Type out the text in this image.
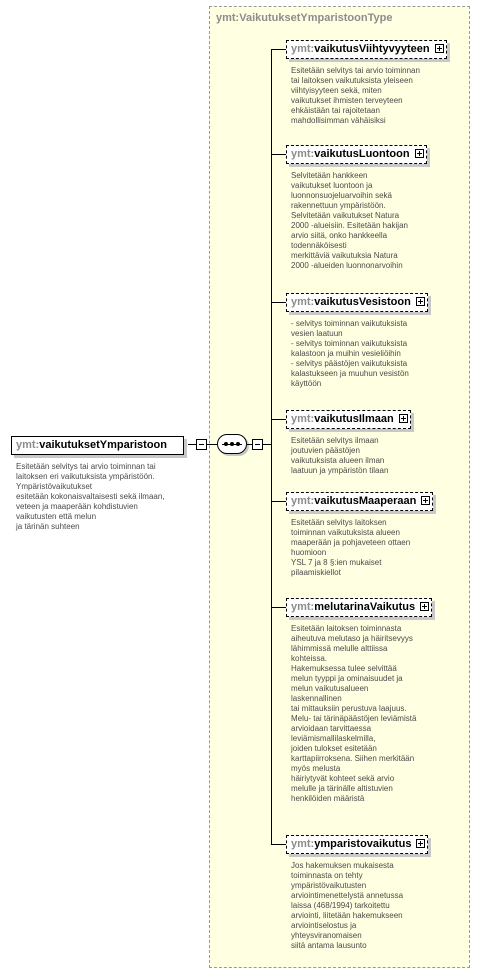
ymt:VaikutuksetYmparistoonType
ymt:vaikutuksetYmparistoon
Esitetään selvitys tai arvio toiminnan tai
laitoksen eri vaikutuksista ympäristöön.
Ympäristövaikutukset
esitetään kokonaisvaltaisesti sekä ilmaan,
veteen ja maaperään kohdistuvien
vaikutusten että melun
ja tärinän suhteen
ymt:vaikutusViihtyvyyteen
Esitetään selvitys tai arvio toiminnan
tai laitoksen vaikutuksista yleiseen
viihtyisyyteen sekä, miten
vaikutukset ihmisten terveyteen
ehkäistään tai rajoitetaan
mahdollisimman vähäisiksi
ymt:vaikutusLuontoon
Selvitetään hankkeen
vaikutukset luontoon ja
luonnonsuojeluarvoihin sekä
rakennettuun ympäristöön.
Selvitetään vaikutukset Natura
2000 -alueisiin. Esitetään hakijan
arvio siitä, onko hankkeella
todennäköisesti
merkittäviä vaikutuksia Natura
2000 -alueiden luonnonarvoihin
ymt:vaikutusVesistoon
- selvitys toiminnan vaikutuksista
vesien laatuun
- selvitys toiminnan vaikutuksista
kalastoon ja muihin vesieliöihin
- selvitys päästöjen vaikutuksista
kalastukseen ja muuhun vesistön
käyttöön
ymt:vaikutusIlmaan
Esitetään selvitys ilmaan
joutuvien päästöjen
vaikutuksista alueen ilman
laatuun ja ympäristön tilaan
ymt:vaikutusMaaperaan
Esitetään selvitys laitoksen
toiminnan vaikutuksista alueen
maaperään ja pohjaveteen ottaen
huomioon
YSL 7 ja 8 §:ien mukaiset
pilaamiskiellot
ymt:melutarinaVaikutus
Esitetään laitoksen toiminnasta
aiheutuva melutaso ja häiritsevyys
lähimmissä melulle alttiissa
kohteissa.
Hakemuksessa tulee selvittää
melun tyyppi ja ominaisuudet ja
melun vaikutusalueen
laskennallinen
tai mittauksiin perustuva laajuus.
Melu- tai tärinäpäästöjen leviämistä
arvioidaan tarvittaessa
leviämismallilaskelmilla,
joiden tulokset esitetään
karttapiirroksena. Siihen merkitään
myös melusta
häiriytyvät kohteet sekä arvio
melulle ja tärinälle altistuvien
henkilöiden määristä
ymt:ymparistovaikutus
Jos hakemuksen mukaisesta
toiminnasta on tehty
ympäristövaikutusten
arviointimenettelystä annetussa
laissa (468/1994) tarkoitettu
arviointi, liitetään hakemukseen
arviointiselostus ja
yhteysviranomaisen
siitä antama lausunto
